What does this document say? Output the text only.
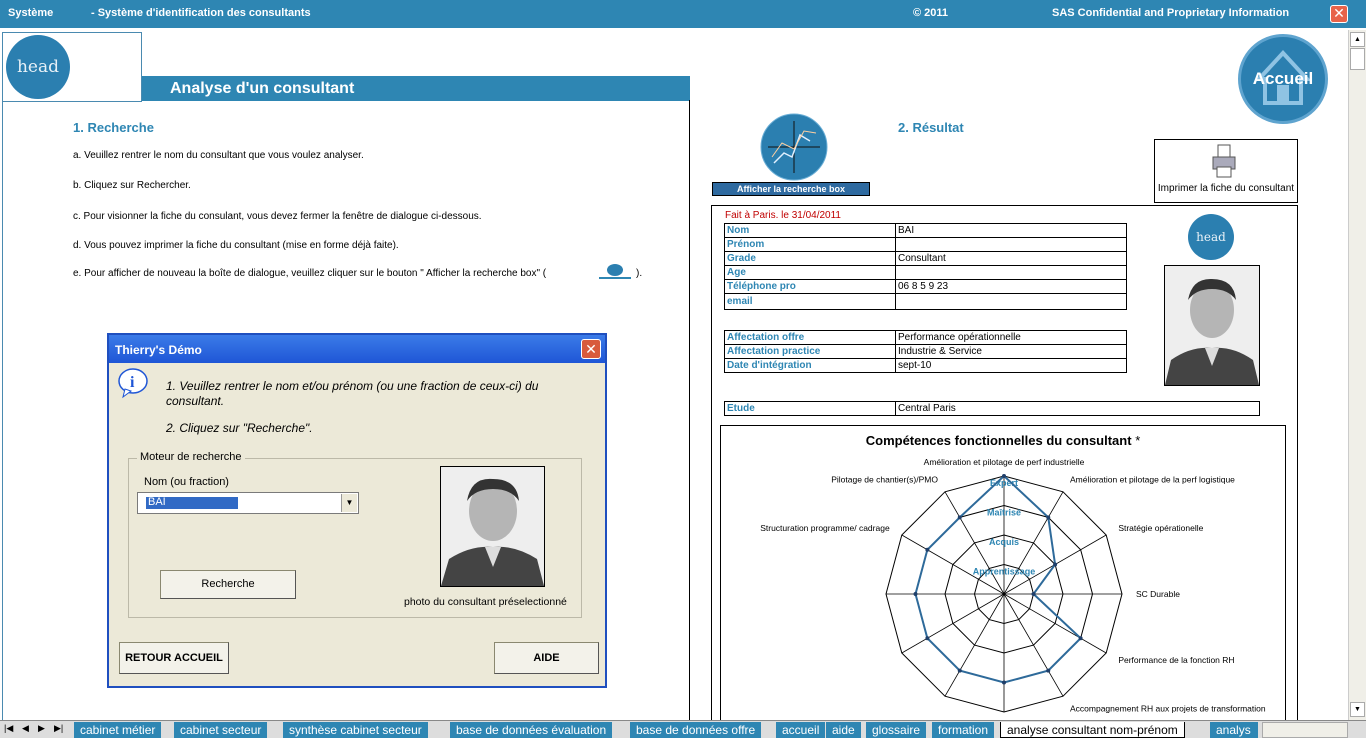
Système	- Système d'identification des consultants	© 2011	SAS Confidential and Proprietary Information	✕
head
Analyse d'un consultant
1. Recherche
a. Veuillez rentrer le nom du consultant que vous voulez analyser.
b. Cliquez sur Rechercher.
c. Pour visionner la fiche du consulant, vous devez fermer la fenêtre de dialogue ci-dessous.
d. Vous pouvez imprimer la fiche du consultant (mise en forme déjà faite).
e. Pour afficher de nouveau la boîte de dialogue, veuillez cliquer sur le bouton " Afficher la recherche box" (	).
Thierry's Démo	✕
i	1. Veuillez rentrer le nom et/ou prénom (ou une fraction de ceux-ci) du consultant.
2. Cliquez sur "Recherche".
Moteur de recherche
Nom (ou fraction)
BAI	▼
Recherche
photo du consultant préselectionné
RETOUR ACCUEIL	AIDE
Accueil
Afficher la recherche box
2. Résultat
Imprimer la fiche du consultant
Fait à Paris. le 31/04/2011
Nom	BAI
Prénom	
Grade	Consultant
Age	
Téléphone pro	06 8 5 9 23
email	
Affectation offre	Performance opérationnelle
Affectation practice	Industrie & Service
Date d'intégration	sept-10
Etude	Central Paris
head
Compétences fonctionnelles du consultant *
Apprentissage
Acquis
Maîtrisé
Expert
Amélioration et pilotage de perf industrielle
Amélioration et pilotage de la perf logistique
Stratégie opérationelle
SC Durable
Performance de la fonction RH
Accompagnement RH aux projets de transformation
Structuration programme/ cadrage
Pilotage de chantier(s)/PMO
▲
▼
|◀ ◀ ▶ ▶|	cabinet métier	cabinet secteur	synthèse cabinet secteur	base de données évaluation	base de données offre	accueil	aide	glossaire	formation	analyse consultant nom-prénom	analys
